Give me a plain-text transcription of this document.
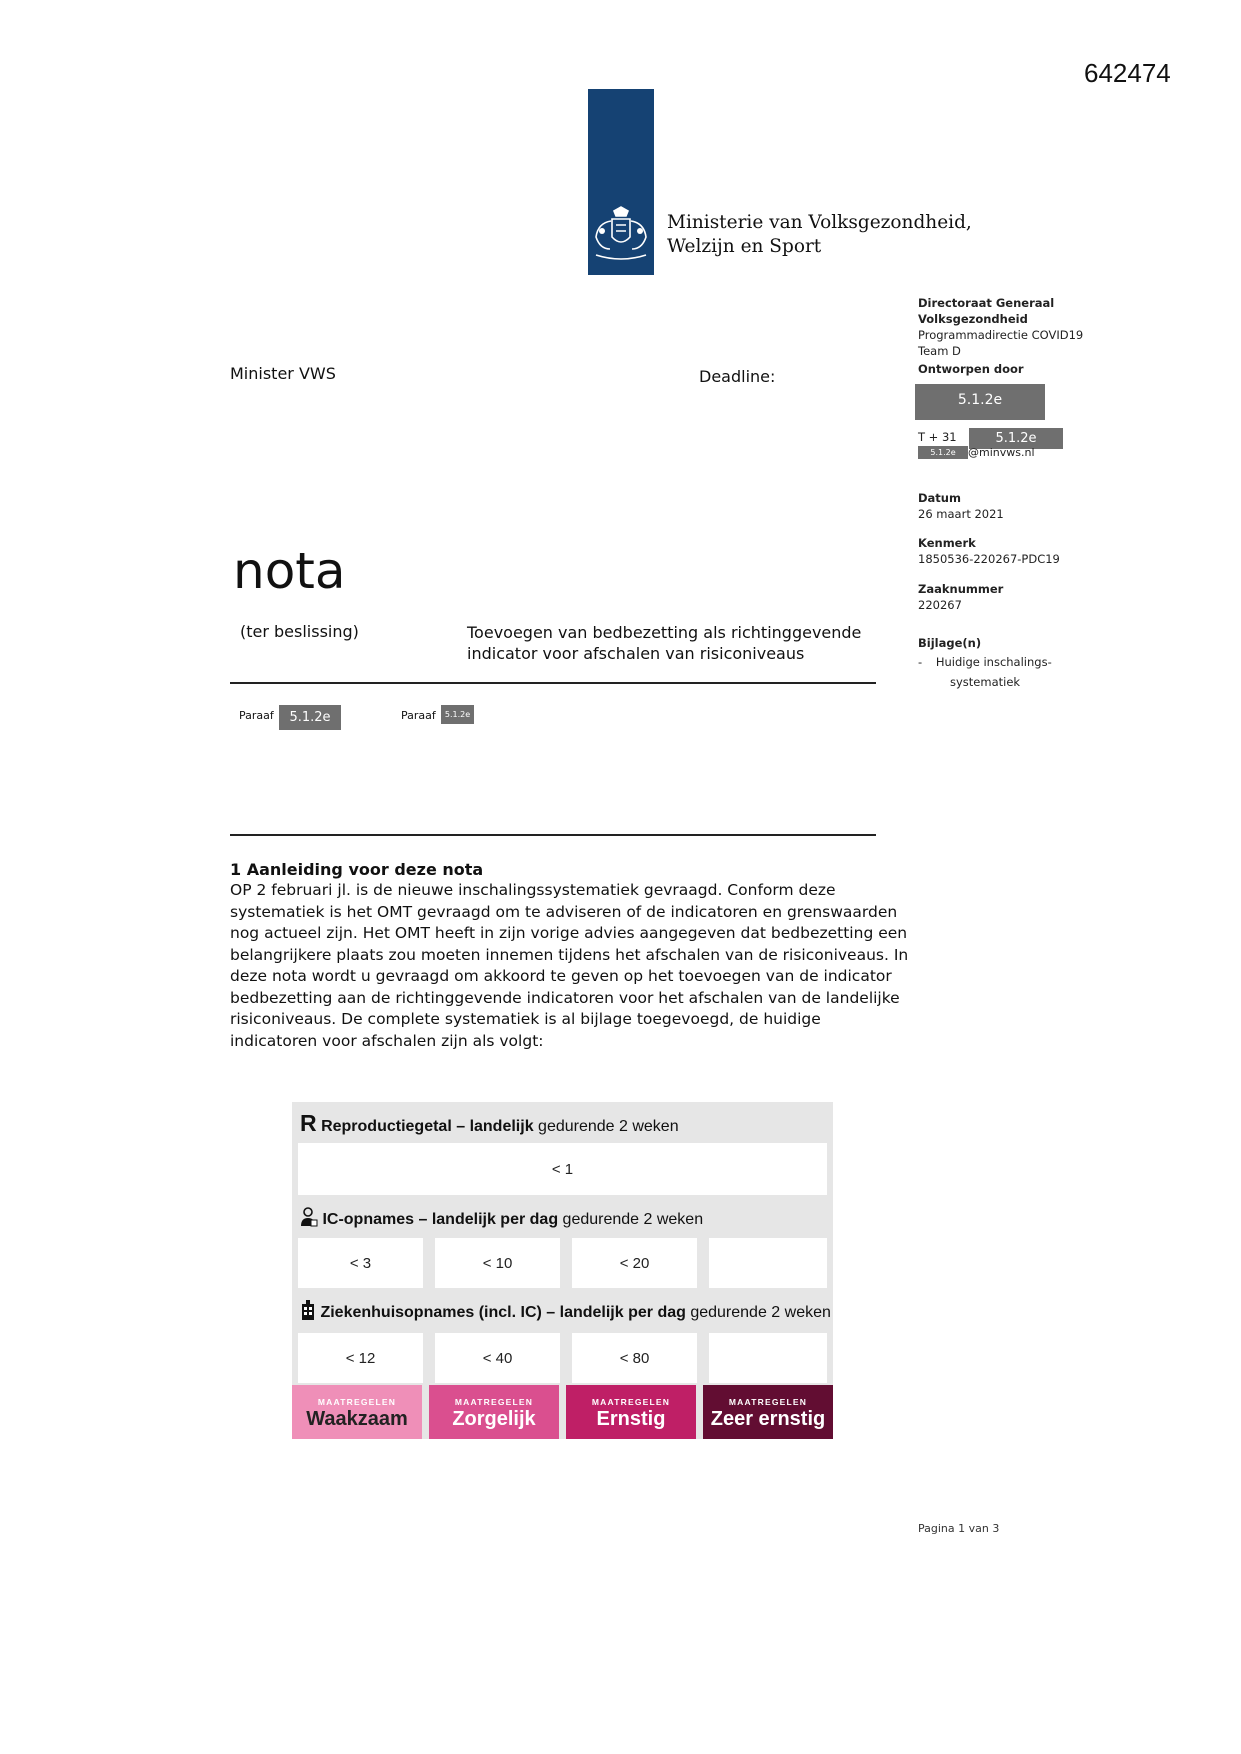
642474
Ministerie van Volksgezondheid,
Welzijn en Sport
Directoraat Generaal
Volksgezondheid
Programmadirectie COVID19
Team D
Ontworpen door
5.1.2e
T + 31	5.1.2e
5.1.2e	@minvws.nl
Datum
26 maart 2021
Kenmerk
1850536-220267-PDC19
Zaaknummer
220267
Bijlage(n)
- Huidige inschalings-
systematiek
Minister VWS	Deadline:
nota
(ter beslissing)	Toevoegen van bedbezetting als richtinggevende
indicator voor afschalen van risiconiveaus
Paraaf	5.1.2e	Paraaf	5.1.2e
1 Aanleiding voor deze nota
OP 2 februari jl. is de nieuwe inschalingssystematiek gevraagd. Conform deze systematiek is het OMT gevraagd om te adviseren of de indicatoren en grenswaarden nog actueel zijn. Het OMT heeft in zijn vorige advies aangegeven dat bedbezetting een belangrijkere plaats zou moeten innemen tijdens het afschalen van de risiconiveaus. In deze nota wordt u gevraagd om akkoord te geven op het toevoegen van de indicator bedbezetting aan de richtinggevende indicatoren voor het afschalen van de landelijke risiconiveaus. De complete systematiek is al bijlage toegevoegd, de huidige indicatoren voor afschalen zijn als volgt:
R Reproductiegetal – landelijk gedurende 2 weken
< 1
IC-opnames – landelijk per dag gedurende 2 weken
< 3	< 10	< 20
Ziekenhuisopnames (incl. IC) – landelijk per dag gedurende 2 weken
< 12	< 40	< 80
MAATREGELEN
Waakzaam
MAATREGELEN
Zorgelijk
MAATREGELEN
Ernstig
MAATREGELEN
Zeer ernstig
Pagina 1 van 3
